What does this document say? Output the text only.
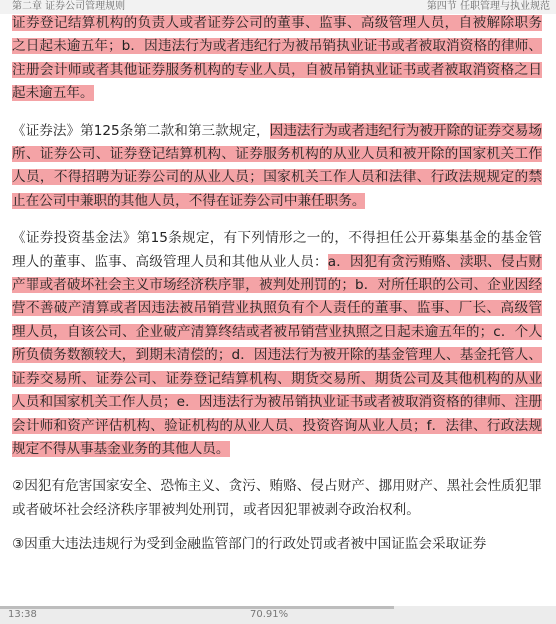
第二章 证券公司管理规则	第四节 任职管理与执业规范

证券登记结算机构的负责人或者证券公司的董事、监事、高级管理人员，自被解除职务之日起未逾五年；b．因违法行为或者违纪行为被吊销执业证书或者被取消资格的律师、注册会计师或者其他证券服务机构的专业人员，自被吊销执业证书或者被取消资格之日起未逾五年。

《证券法》第125条第二款和第三款规定，因违法行为或者违纪行为被开除的证券交易场所、证券公司、证券登记结算机构、证券服务机构的从业人员和被开除的国家机关工作人员，不得招聘为证券公司的从业人员；国家机关工作人员和法律、行政法规规定的禁止在公司中兼职的其他人员，不得在证券公司中兼任职务。

《证券投资基金法》第15条规定，有下列情形之一的，不得担任公开募集基金的基金管理人的董事、监事、高级管理人员和其他从业人员：a．因犯有贪污贿赂、渎职、侵占财产罪或者破坏社会主义市场经济秩序罪，被判处刑罚的；b．对所任职的公司、企业因经营不善破产清算或者因违法被吊销营业执照负有个人责任的董事、监事、厂长、高级管理人员，自该公司、企业破产清算终结或者被吊销营业执照之日起未逾五年的；c．个人所负债务数额较大，到期未清偿的；d．因违法行为被开除的基金管理人、基金托管人、证券交易所、证券公司、证券登记结算机构、期货交易所、期货公司及其他机构的从业人员和国家机关工作人员；e．因违法行为被吊销执业证书或者被取消资格的律师、注册会计师和资产评估机构、验证机构的从业人员、投资咨询从业人员；f．法律、行政法规规定不得从事基金业务的其他人员。

②因犯有危害国家安全、恐怖主义、贪污、贿赂、侵占财产、挪用财产、黑社会性质犯罪或者破坏社会经济秩序罪被判处刑罚，或者因犯罪被剥夺政治权利。

③因重大违法违规行为受到金融监管部门的行政处罚或者被中国证监会采取证券

13:38	70.91%
